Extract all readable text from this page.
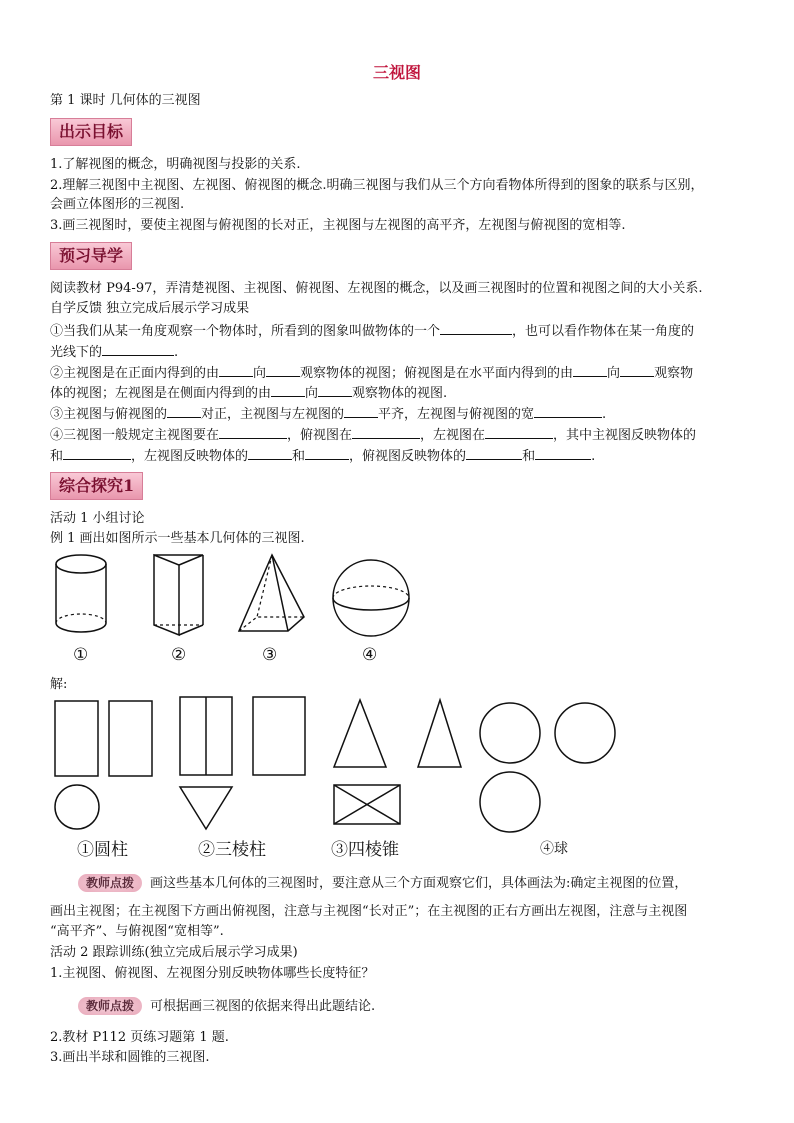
三视图
第 1 课时 几何体的三视图
出示目标
1.了解视图的概念，明确视图与投影的关系.
2.理解三视图中主视图、左视图、俯视图的概念.明确三视图与我们从三个方向看物体所得到的图象的联系与区别，
会画立体图形的三视图.
3.画三视图时，要使主视图与俯视图的长对正，主视图与左视图的高平齐，左视图与俯视图的宽相等.
预习导学
阅读教材 P94-97，弄清楚视图、主视图、俯视图、左视图的概念，以及画三视图时的位置和视图之间的大小关系.
自学反馈 独立完成后展示学习成果
①当我们从某一角度观察一个物体时，所看到的图象叫做物体的一个	，也可以看作物体在某一角度的
光线下的	.
②主视图是在正面内得到的由	向	观察物体的视图；俯视图是在水平面内得到的由	向	观察物
体的视图；左视图是在侧面内得到的由	向	观察物体的视图.
③主视图与俯视图的	对正，主视图与左视图的	平齐，左视图与俯视图的宽	.
④三视图一般规定主视图要在	，俯视图在	，左视图在	，其中主视图反映物体的
和	，左视图反映物体的	和	，俯视图反映物体的	和	.
综合探究1
活动 1 小组讨论
例 1 画出如图所示一些基本几何体的三视图.
①	②	③	④
解:
①圆柱	②三棱柱	③四棱锥	④球
教师点拨 画这些基本几何体的三视图时，要注意从三个方面观察它们，具体画法为:确定主视图的位置，
画出主视图；在主视图下方画出俯视图，注意与主视图“长对正”；在主视图的正右方画出左视图，注意与主视图
“高平齐”、与俯视图“宽相等”.
活动 2 跟踪训练(独立完成后展示学习成果)
1.主视图、俯视图、左视图分别反映物体哪些长度特征？
教师点拨 可根据画三视图的依据来得出此题结论.
2.教材 P112 页练习题第 1 题.
3.画出半球和圆锥的三视图.
